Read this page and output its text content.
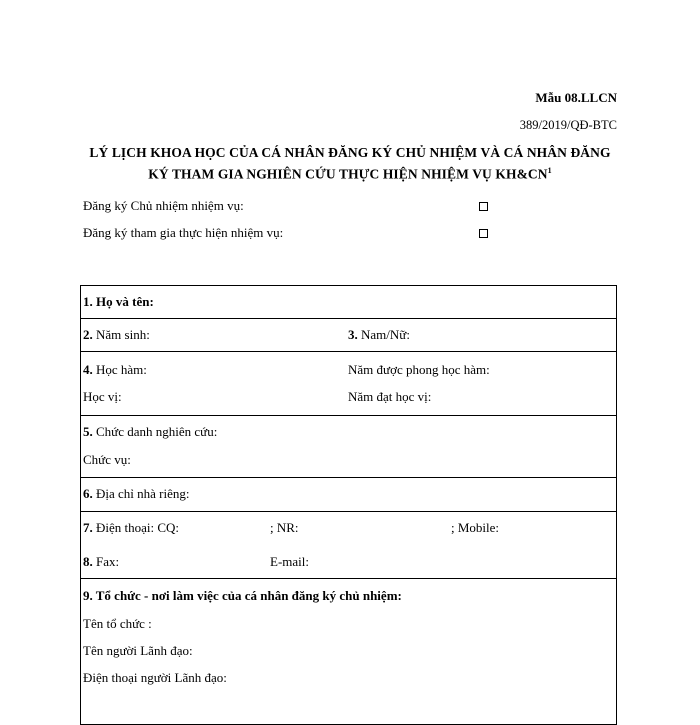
Mẫu 08.LLCN
389/2019/QĐ-BTC
LÝ LỊCH KHOA HỌC CỦA CÁ NHÂN ĐĂNG KÝ CHỦ NHIỆM VÀ CÁ NHÂN ĐĂNG
KÝ THAM GIA NGHIÊN CỨU THỰC HIỆN NHIỆM VỤ $KH\&CN^1$
Đăng ký Chủ nhiệm nhiệm vụ:
Đăng ký tham gia thực hiện nhiệm vụ:
1. Họ và tên:
2. Năm sinh:	3. Nam/Nữ:
4. Học hàm:	Năm được phong học hàm:
Học vị:	Năm đạt học vị:
5. Chức danh nghiên cứu:
Chức vụ:
6. Địa chỉ nhà riêng:
7. Điện thoại: CQ:	; NR:	; Mobile:
8. Fax:	E-mail:
9. Tổ chức - nơi làm việc của cá nhân đăng ký chủ nhiệm:
Tên tổ chức :
Tên người Lãnh đạo:
Điện thoại người Lãnh đạo:
